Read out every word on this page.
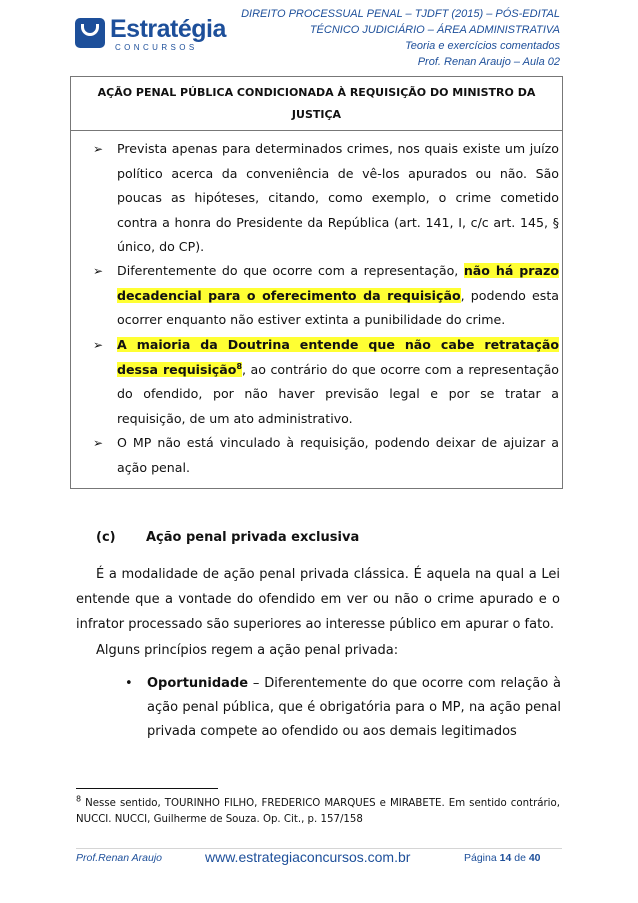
Estratégia
CONCURSOS
DIREITO PROCESSUAL PENAL – TJDFT (2015) – PÓS-EDITAL
TÉCNICO JUDICIÁRIO – ÁREA ADMINISTRATIVA
Teoria e exercícios comentados
Prof. Renan Araujo – Aula 02
AÇÃO PENAL PÚBLICA CONDICIONADA À REQUISIÇÃO DO MINISTRO DA
JUSTIÇA
➢ Prevista apenas para determinados crimes, nos quais existe um juízo político acerca da conveniência de vê-los apurados ou não. São poucas as hipóteses, citando, como exemplo, o crime cometido contra a honra do Presidente da República (art. 141, I, c/c art. 145, § único, do CP).
➢ Diferentemente do que ocorre com a representação, não há prazo decadencial para o oferecimento da requisição, podendo esta ocorrer enquanto não estiver extinta a punibilidade do crime.
➢ A maioria da Doutrina entende que não cabe retratação dessa requisição$^8$, ao contrário do que ocorre com a representação do ofendido, por não haver previsão legal e por se tratar a requisição, de um ato administrativo.
➢ O MP não está vinculado à requisição, podendo deixar de ajuizar a ação penal.
(c) Ação penal privada exclusiva
É a modalidade de ação penal privada clássica. É aquela na qual a Lei entende que a vontade do ofendido em ver ou não o crime apurado e o infrator processado são superiores ao interesse público em apurar o fato.
Alguns princípios regem a ação penal privada:
• Oportunidade – Diferentemente do que ocorre com relação à ação penal pública, que é obrigatória para o MP, na ação penal privada compete ao ofendido ou aos demais legitimados
$^8$ Nesse sentido, TOURINHO FILHO, FREDERICO MARQUES e MIRABETE. Em sentido contrário, NUCCI. NUCCI, Guilherme de Souza. Op. Cit., p. 157/158
Prof.Renan Araujo	www.estrategiaconcursos.com.br	Página 14 de 40
